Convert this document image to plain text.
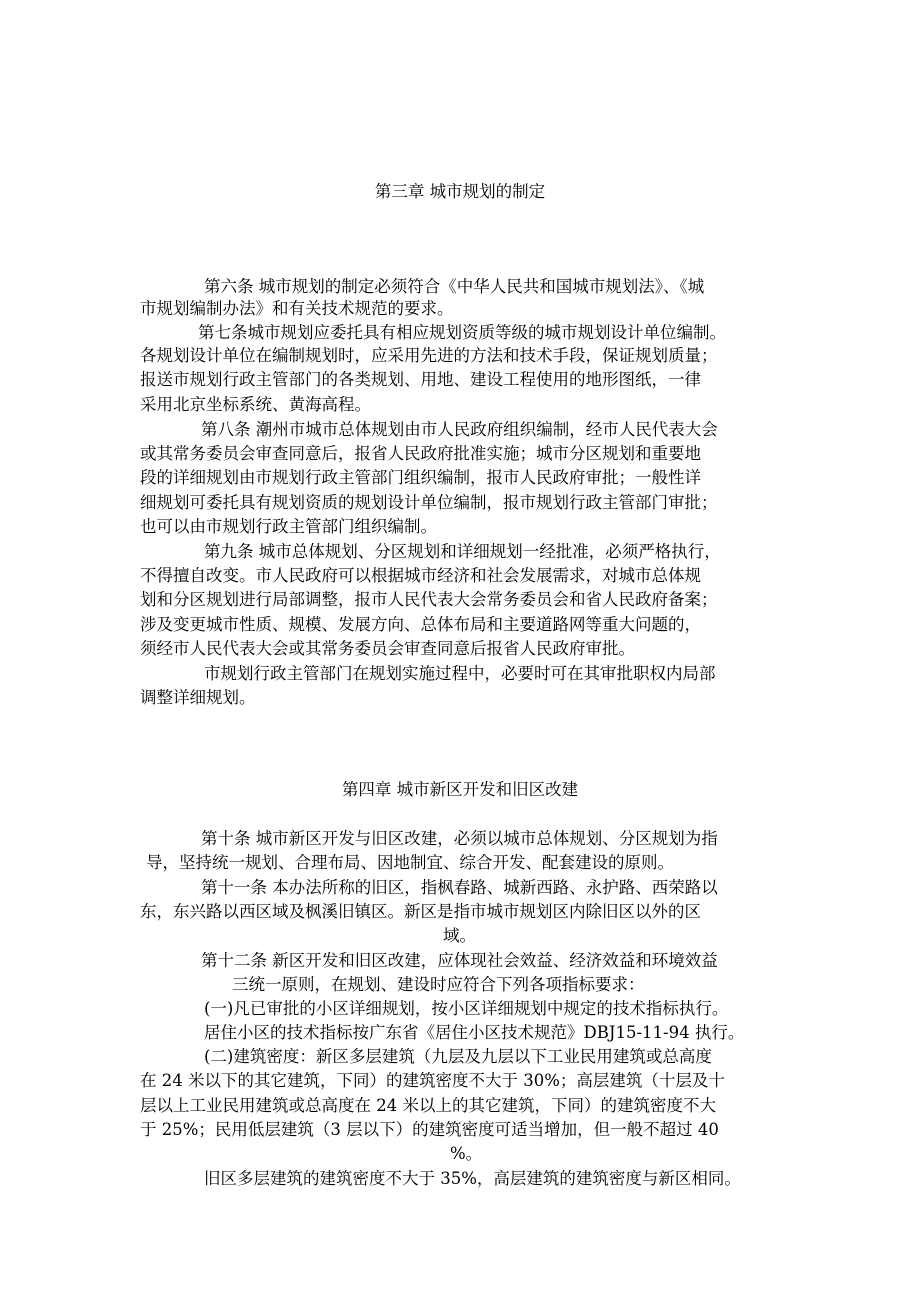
第三章 城市规划的制定
第四章 城市新区开发和旧区改建
第六条 城市规划的制定必须符合《中华人民共和国城市规划法》、《城
市规划编制办法》和有关技术规范的要求。
第七条城市规划应委托具有相应规划资质等级的城市规划设计单位编制。
各规划设计单位在编制规划时，应采用先进的方法和技术手段，保证规划质量；
报送市规划行政主管部门的各类规划、用地、建设工程使用的地形图纸，一律
采用北京坐标系统、黄海高程。
第八条 潮州市城市总体规划由市人民政府组织编制，经市人民代表大会
或其常务委员会审查同意后，报省人民政府批准实施；城市分区规划和重要地
段的详细规划由市规划行政主管部门组织编制，报市人民政府审批；一般性详
细规划可委托具有规划资质的规划设计单位编制，报市规划行政主管部门审批；
也可以由市规划行政主管部门组织编制。
第九条 城市总体规划、分区规划和详细规划一经批准，必须严格执行，
不得擅自改变。市人民政府可以根据城市经济和社会发展需求，对城市总体规
划和分区规划进行局部调整，报市人民代表大会常务委员会和省人民政府备案；
涉及变更城市性质、规模、发展方向、总体布局和主要道路网等重大问题的，
须经市人民代表大会或其常务委员会审查同意后报省人民政府审批。
市规划行政主管部门在规划实施过程中，必要时可在其审批职权内局部
调整详细规划。
第十条 城市新区开发与旧区改建，必须以城市总体规划、分区规划为指
导，坚持统一规划、合理布局、因地制宜、综合开发、配套建设的原则。
第十一条 本办法所称的旧区，指枫春路、城新西路、永护路、西荣路以
东，东兴路以西区域及枫溪旧镇区。新区是指市城市规划区内除旧区以外的区
域。
第十二条 新区开发和旧区改建，应体现社会效益、经济效益和环境效益
三统一原则，在规划、建设时应符合下列各项指标要求：
(一)凡已审批的小区详细规划，按小区详细规划中规定的技术指标执行。
居住小区的技术指标按广东省《居住小区技术规范》DBJ15-11-94 执行。
(二)建筑密度：新区多层建筑（九层及九层以下工业民用建筑或总高度
在 24 米以下的其它建筑，下同）的建筑密度不大于 30%；高层建筑（十层及十
层以上工业民用建筑或总高度在 24 米以上的其它建筑，下同）的建筑密度不大
于 25%；民用低层建筑（3 层以下）的建筑密度可适当增加，但一般不超过 40
%。
旧区多层建筑的建筑密度不大于 35%，高层建筑的建筑密度与新区相同。
